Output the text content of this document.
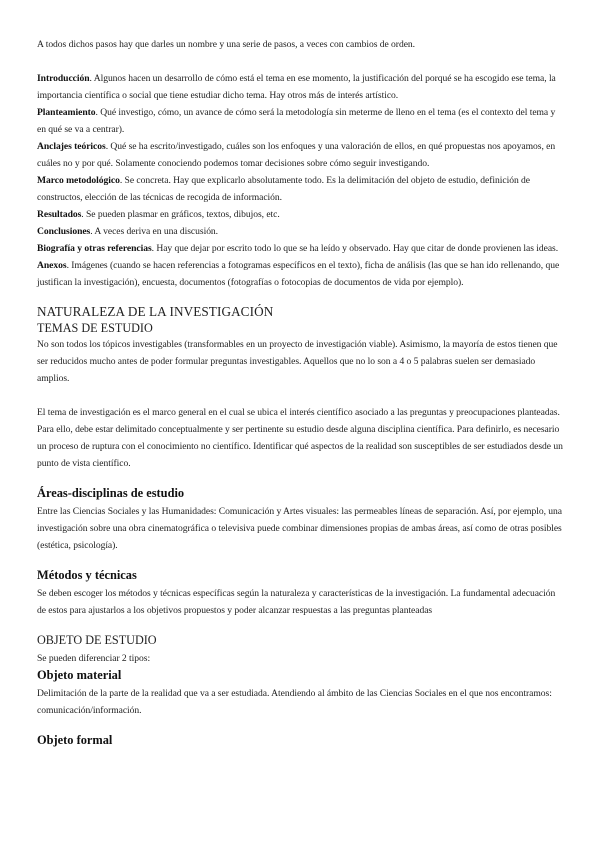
A todos dichos pasos hay que darles un nombre y una serie de pasos, a veces con cambios de orden.

Introducción. Algunos hacen un desarrollo de cómo está el tema en ese momento, la justificación del porqué se ha escogido ese tema, la importancia científica o social que tiene estudiar dicho tema. Hay otros más de interés artístico.

Planteamiento. Qué investigo, cómo, un avance de cómo será la metodología sin meterme de lleno en el tema (es el contexto del tema y en qué se va a centrar).

Anclajes teóricos. Qué se ha escrito/investigado, cuáles son los enfoques y una valoración de ellos, en qué propuestas nos apoyamos, en cuáles no y por qué. Solamente conociendo podemos tomar decisiones sobre cómo seguir investigando.

Marco metodológico. Se concreta. Hay que explicarlo absolutamente todo. Es la delimitación del objeto de estudio, definición de constructos, elección de las técnicas de recogida de información.

Resultados. Se pueden plasmar en gráficos, textos, dibujos, etc.

Conclusiones. A veces deriva en una discusión.

Biografía y otras referencias. Hay que dejar por escrito todo lo que se ha leído y observado. Hay que citar de donde provienen las ideas.

Anexos. Imágenes (cuando se hacen referencias a fotogramas específicos en el texto), ficha de análisis (las que se han ido rellenando, que justifican la investigación), encuesta, documentos (fotografías o fotocopias de documentos de vida por ejemplo).

NATURALEZA DE LA INVESTIGACIÓN
TEMAS DE ESTUDIO

No son todos los tópicos investigables (transformables en un proyecto de investigación viable). Asimismo, la mayoría de estos tienen que ser reducidos mucho antes de poder formular preguntas investigables. Aquellos que no lo son a 4 o 5 palabras suelen ser demasiado amplios.

El tema de investigación es el marco general en el cual se ubica el interés científico asociado a las preguntas y preocupaciones planteadas. Para ello, debe estar delimitado conceptualmente y ser pertinente su estudio desde alguna disciplina científica. Para definirlo, es necesario un proceso de ruptura con el conocimiento no científico. Identificar qué aspectos de la realidad son susceptibles de ser estudiados desde un punto de vista científico.

Áreas-disciplinas de estudio

Entre las Ciencias Sociales y las Humanidades: Comunicación y Artes visuales: las permeables líneas de separación. Así, por ejemplo, una investigación sobre una obra cinematográfica o televisiva puede combinar dimensiones propias de ambas áreas, así como de otras posibles (estética, psicología).

Métodos y técnicas

Se deben escoger los métodos y técnicas específicas según la naturaleza y características de la investigación. La fundamental adecuación de estos para ajustarlos a los objetivos propuestos y poder alcanzar respuestas a las preguntas planteadas

OBJETO DE ESTUDIO

Se pueden diferenciar 2 tipos:

Objeto material

Delimitación de la parte de la realidad que va a ser estudiada. Atendiendo al ámbito de las Ciencias Sociales en el que nos encontramos: comunicación/información.

Objeto formal
